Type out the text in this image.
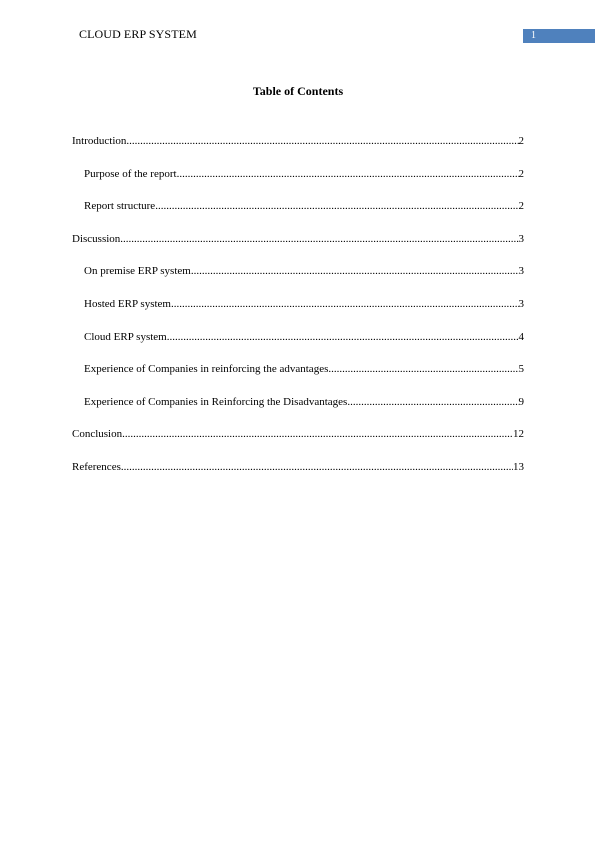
CLOUD ERP SYSTEM	1
Table of Contents
Introduction .....	2
Purpose of the report .....	2
Report structure .....	2
Discussion .....	3
On premise ERP system .....	3
Hosted ERP system .....	3
Cloud ERP system .....	4
Experience of Companies in reinforcing the advantages .....	5
Experience of Companies in Reinforcing the Disadvantages .....	9
Conclusion .....	12
References .....	13
